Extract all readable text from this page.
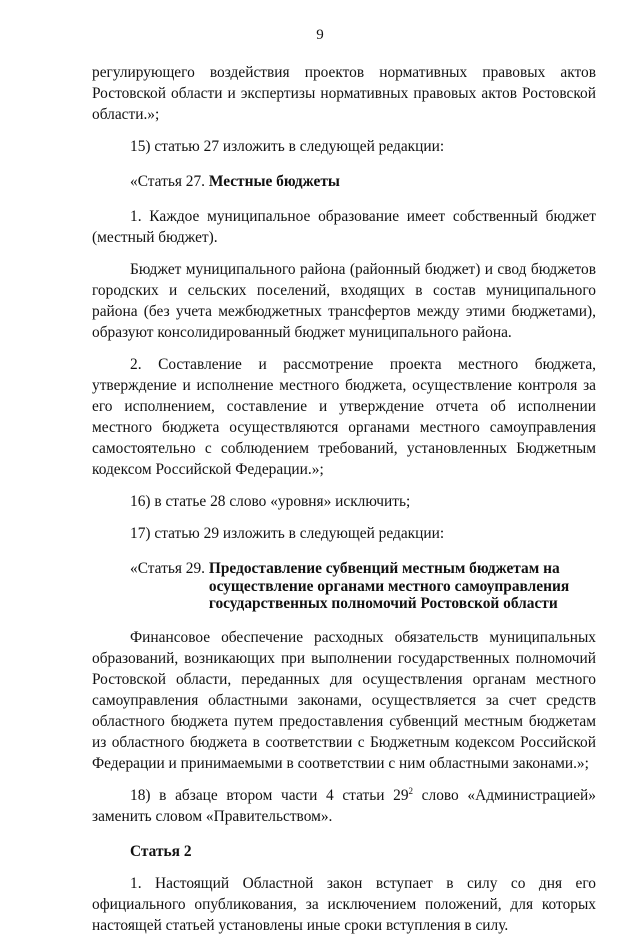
9

регулирующего воздействия проектов нормативных правовых актов Ростовской области и экспертизы нормативных правовых актов Ростовской области.»;

15) статью 27 изложить в следующей редакции:

«Статья 27. Местные бюджеты

1. Каждое муниципальное образование имеет собственный бюджет (местный бюджет).

Бюджет муниципального района (районный бюджет) и свод бюджетов городских и сельских поселений, входящих в состав муниципального района (без учета межбюджетных трансфертов между этими бюджетами), образуют консолидированный бюджет муниципального района.

2. Составление и рассмотрение проекта местного бюджета, утверждение и исполнение местного бюджета, осуществление контроля за его исполнением, составление и утверждение отчета об исполнении местного бюджета осуществляются органами местного самоуправления самостоятельно с соблюдением требований, установленных Бюджетным кодексом Российской Федерации.»;

16) в статье 28 слово «уровня» исключить;

17) статью 29 изложить в следующей редакции:

«Статья 29. Предоставление субвенций местным бюджетам на осуществление органами местного самоуправления государственных полномочий Ростовской области

Финансовое обеспечение расходных обязательств муниципальных образований, возникающих при выполнении государственных полномочий Ростовской области, переданных для осуществления органам местного самоуправления областными законами, осуществляется за счет средств областного бюджета путем предоставления субвенций местным бюджетам из областного бюджета в соответствии с Бюджетным кодексом Российской Федерации и принимаемыми в соответствии с ним областными законами.»;

18) в абзаце втором части 4 статьи $29^2$ слово «Администрацией» заменить словом «Правительством».

Статья 2

1. Настоящий Областной закон вступает в силу со дня его официального опубликования, за исключением положений, для которых настоящей статьей установлены иные сроки вступления в силу.
